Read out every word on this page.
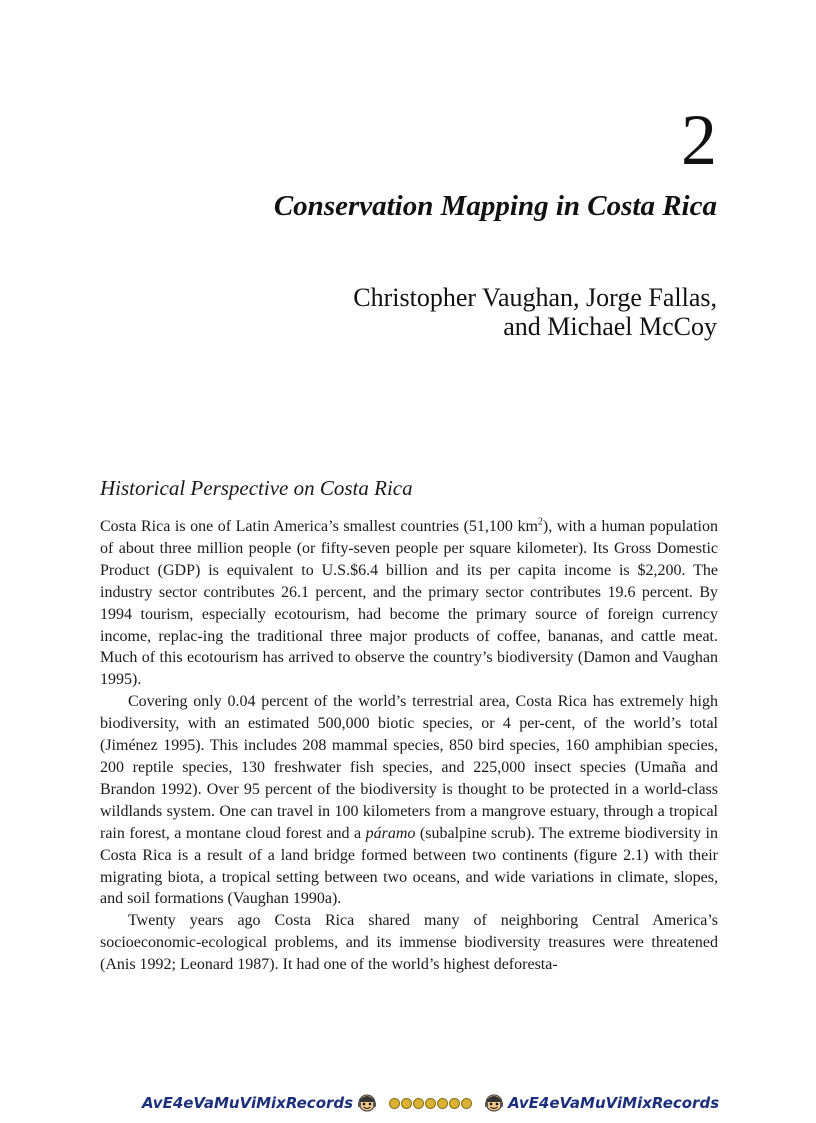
2
Conservation Mapping in Costa Rica
Christopher Vaughan, Jorge Fallas,
and Michael McCoy
Historical Perspective on Costa Rica

Costa Rica is one of Latin America’s smallest countries (51,100 $km^2$), with a human population of about three million people (or fifty-seven people per square kilometer). Its Gross Domestic Product (GDP) is equivalent to U.S.$6.4 billion and its per capita income is $2,200. The industry sector contributes 26.1 percent, and the primary sector contributes 19.6 percent. By 1994 tourism, especially ecotourism, had become the primary source of foreign currency income, replac-ing the traditional three major products of coffee, bananas, and cattle meat. Much of this ecotourism has arrived to observe the country’s biodiversity (Damon and Vaughan 1995).

Covering only 0.04 percent of the world’s terrestrial area, Costa Rica has extremely high biodiversity, with an estimated 500,000 biotic species, or 4 per-cent, of the world’s total (Jiménez 1995). This includes 208 mammal species, 850 bird species, 160 amphibian species, 200 reptile species, 130 freshwater fish species, and 225,000 insect species (Umaña and Brandon 1992). Over 95 percent of the biodiversity is thought to be protected in a world-class wildlands system. One can travel in 100 kilometers from a mangrove estuary, through a tropical rain forest, a montane cloud forest and a páramo (subalpine scrub). The extreme biodiversity in Costa Rica is a result of a land bridge formed between two continents (figure 2.1) with their migrating biota, a tropical setting between two oceans, and wide variations in climate, slopes, and soil formations (Vaughan 1990a).

Twenty years ago Costa Rica shared many of neighboring Central America’s socioeconomic-ecological problems, and its immense biodiversity treasures were threatened (Anis 1992; Leonard 1987). It had one of the world’s highest deforesta-

AvE4eVaMuViMixRecords	AvE4eVaMuViMixRecords
